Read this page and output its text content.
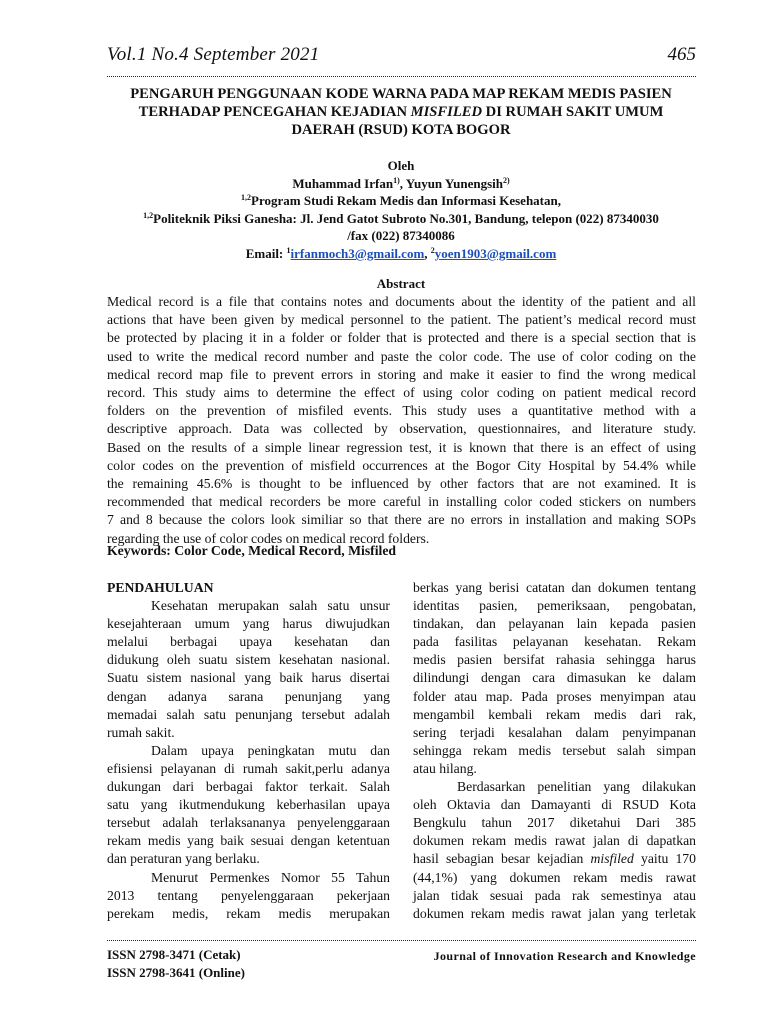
Vol.1 No.4 September 2021	465
PENGARUH PENGGUNAAN KODE WARNA PADA MAP REKAM MEDIS PASIEN
TERHADAP PENCEGAHAN KEJADIAN MISFILED DI RUMAH SAKIT UMUM
DAERAH (RSUD) KOTA BOGOR
Oleh
Muhammad Irfan$^{1)}$, Yuyun Yunengsih$^{2)}$
$^{1,2}$Program Studi Rekam Medis dan Informasi Kesehatan,
$^{1,2}$Politeknik Piksi Ganesha: Jl. Jend Gatot Subroto No.301, Bandung, telepon (022) 87340030
/fax (022) 87340086
Email: $^1$irfanmoch3@gmail.com, $^2$yoen1903@gmail.com
Abstract
Medical record is a file that contains notes and documents about the identity of the patient and all
actions that have been given by medical personnel to the patient. The patient’s medical record must
be protected by placing it in a folder or folder that is protected and there is a special section that is
used to write the medical record number and paste the color code. The use of color coding on the
medical record map file to prevent errors in storing and make it easier to find the wrong medical
record. This study aims to determine the effect of using color coding on patient medical record
folders on the prevention of misfiled events. This study uses a quantitative method with a
descriptive approach. Data was collected by observation, questionnaires, and literature study.
Based on the results of a simple linear regression test, it is known that there is an effect of using
color codes on the prevention of misfield occurrences at the Bogor City Hospital by 54.4% while
the remaining 45.6% is thought to be influenced by other factors that are not examined. It is
recommended that medical recorders be more careful in installing color coded stickers on numbers
7 and 8 because the colors look similiar so that there are no errors in installation and making SOPs
regarding the use of color codes on medical record folders.
Keywords: Color Code, Medical Record, Misfiled
PENDAHULUAN
Kesehatan merupakan salah satu unsur
kesejahteraan umum yang harus diwujudkan
melalui berbagai upaya kesehatan dan
didukung oleh suatu sistem kesehatan nasional.
Suatu sistem nasional yang baik harus disertai
dengan adanya sarana penunjang yang
memadai salah satu penunjang tersebut adalah
rumah sakit.
Dalam upaya peningkatan mutu dan
efisiensi pelayanan di rumah sakit,perlu adanya
dukungan dari berbagai faktor terkait. Salah
satu yang ikutmendukung keberhasilan upaya
tersebut adalah terlaksananya penyelenggaraan
rekam medis yang baik sesuai dengan ketentuan
dan peraturan yang berlaku.
Menurut Permenkes Nomor 55 Tahun
2013 tentang penyelenggaraan pekerjaan
perekam medis, rekam medis merupakan
berkas yang berisi catatan dan dokumen tentang
identitas pasien, pemeriksaan, pengobatan,
tindakan, dan pelayanan lain kepada pasien
pada fasilitas pelayanan kesehatan. Rekam
medis pasien bersifat rahasia sehingga harus
dilindungi dengan cara dimasukan ke dalam
folder atau map. Pada proses menyimpan atau
mengambil kembali rekam medis dari rak,
sering terjadi kesalahan dalam penyimpanan
sehingga rekam medis tersebut salah simpan
atau hilang.
Berdasarkan penelitian yang dilakukan
oleh Oktavia dan Damayanti di RSUD Kota
Bengkulu tahun 2017 diketahui Dari 385
dokumen rekam medis rawat jalan di dapatkan
hasil sebagian besar kejadian misfiled yaitu 170
(44,1%) yang dokumen rekam medis rawat
jalan tidak sesuai pada rak semestinya atau
dokumen rekam medis rawat jalan yang terletak
ISSN 2798-3471 (Cetak)
ISSN 2798-3641 (Online)
Journal of Innovation Research and Knowledge
